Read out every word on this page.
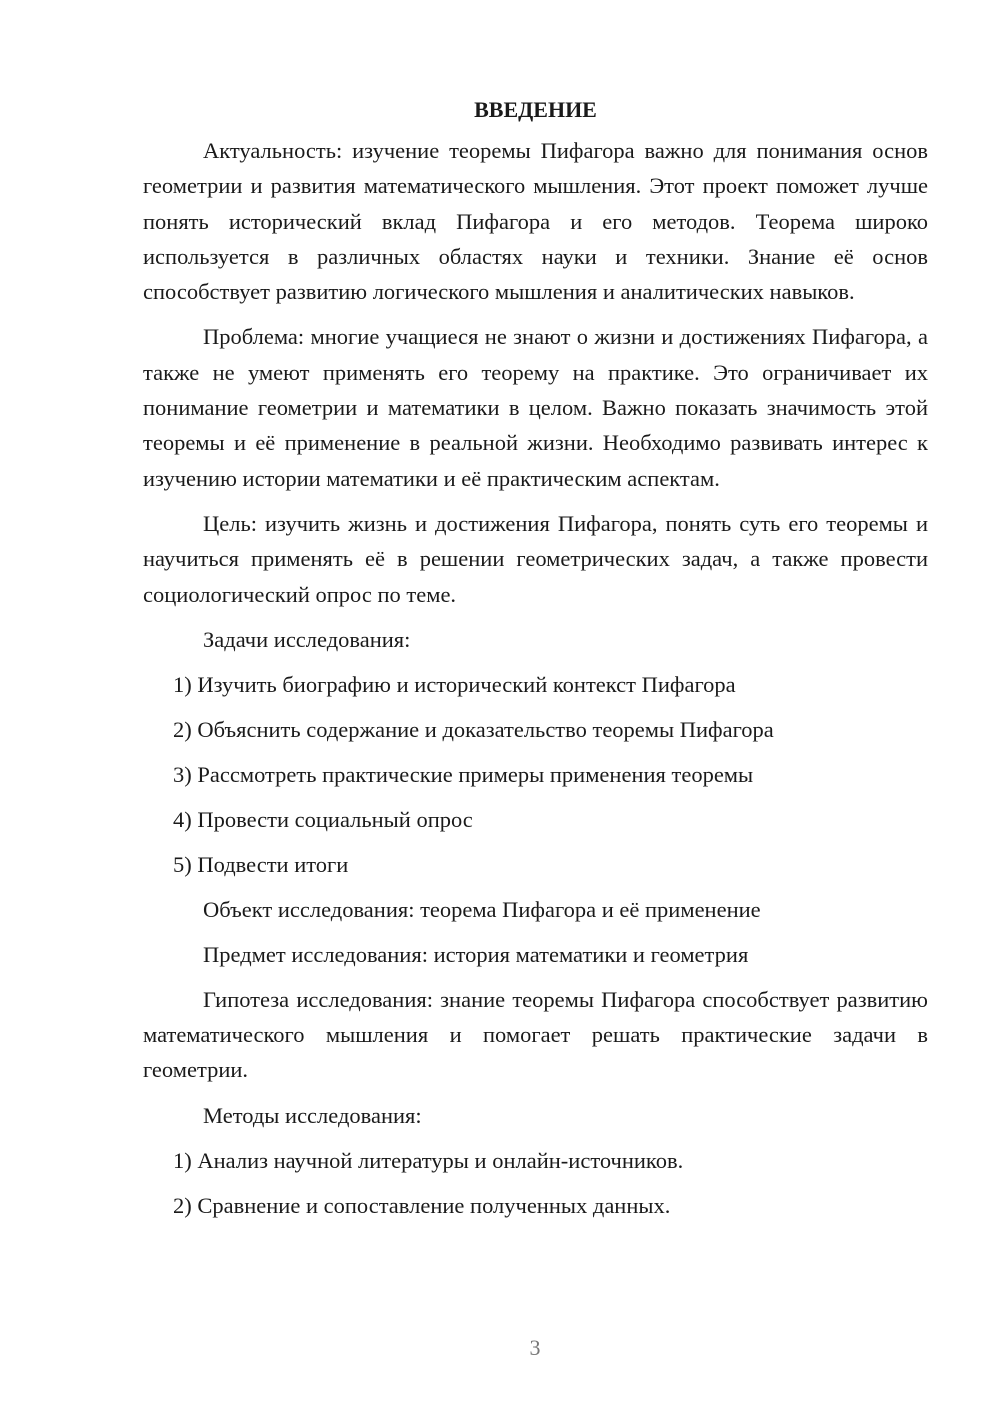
ВВЕДЕНИЕ

Актуальность: изучение теоремы Пифагора важно для понимания основ геометрии и развития математического мышления. Этот проект поможет лучше понять исторический вклад Пифагора и его методов. Теорема широко используется в различных областях науки и техники. Знание её основ способствует развитию логического мышления и аналитических навыков.

Проблема: многие учащиеся не знают о жизни и достижениях Пифагора, а также не умеют применять его теорему на практике. Это ограничивает их понимание геометрии и математики в целом. Важно показать значимость этой теоремы и её применение в реальной жизни. Необходимо развивать интерес к изучению истории математики и её практическим аспектам.

Цель: изучить жизнь и достижения Пифагора, понять суть его теоремы и научиться применять её в решении геометрических задач, а также провести социологический опрос по теме.

Задачи исследования:
1) Изучить биографию и исторический контекст Пифагора
2) Объяснить содержание и доказательство теоремы Пифагора
3) Рассмотреть практические примеры применения теоремы
4) Провести социальный опрос
5) Подвести итоги
Объект исследования: теорема Пифагора и её применение
Предмет исследования: история математики и геометрия

Гипотеза исследования: знание теоремы Пифагора способствует развитию математического мышления и помогает решать практические задачи в геометрии.

Методы исследования:
1) Анализ научной литературы и онлайн-источников.
2) Сравнение и сопоставление полученных данных.
3
